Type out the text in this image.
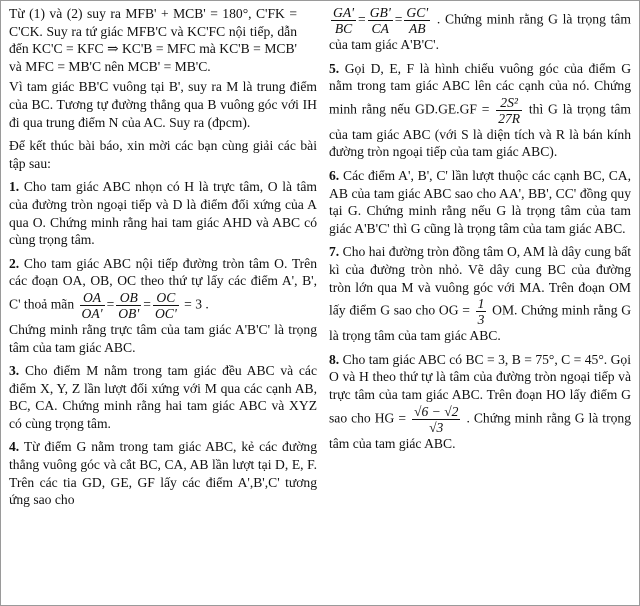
Từ (1) và (2) suy ra MFB' + MCB' = 180°, C'FK = C'CK. Suy ra tứ giác MFB'C và KC'FC nội tiếp, dẫn đến KC'C = KFC ⇒ KC'B = MFC mà KC'B = MCB' và MFC = MB'C nên MCB' = MB'C.

Vì tam giác BB'C vuông tại B', suy ra M là trung điểm của BC. Tương tự đường thẳng qua B vuông góc với IH đi qua trung điểm N của AC. Suy ra (đpcm).

Để kết thúc bài báo, xin mời các bạn cùng giải các bài tập sau:

1. Cho tam giác ABC nhọn có H là trực tâm, O là tâm của đường tròn ngoại tiếp và D là điểm đối xứng của A qua O. Chứng minh rằng hai tam giác AHD và ABC có cùng trọng tâm.

2. Cho tam giác ABC nội tiếp đường tròn tâm O. Trên các đoạn OA, OB, OC theo thứ tự lấy các điểm A', B', C' thoả mãn $\frac{OA}{OA'} = \frac{OB}{OB'} = \frac{OC}{OC'} = 3$ .

Chứng minh rằng trực tâm của tam giác A'B'C' là trọng tâm của tam giác ABC.

3. Cho điểm M nằm trong tam giác đều ABC và các điểm X, Y, Z lần lượt đối xứng với M qua các cạnh AB, BC, CA. Chứng minh rằng hai tam giác ABC và XYZ có cùng trọng tâm.

4. Từ điểm G nằm trong tam giác ABC, kẻ các đường thẳng vuông góc và cắt BC, CA, AB lần lượt tại D, E, F. Trên các tia GD, GE, GF lấy các điểm A',B',C' tương ứng sao cho

$\frac{GA'}{BC} = \frac{GB'}{CA} = \frac{GC'}{AB}$ . Chứng minh rằng G là trọng tâm của tam giác A'B'C'.

5. Gọi D, E, F là hình chiếu vuông góc của điểm G nằm trong tam giác ABC lên các cạnh của nó. Chứng minh rằng nếu $GD.GE.GF = \frac{\text{2S²}}{27R}$ thì G là trọng tâm của tam giác ABC (với S là diện tích và R là bán kính đường tròn ngoại tiếp của tam giác ABC).

6. Các điểm A', B', C' lần lượt thuộc các cạnh BC, CA, AB của tam giác ABC sao cho AA', BB', CC' đồng quy tại G. Chứng minh rằng nếu G là trọng tâm của tam giác A'B'C' thì G cũng là trọng tâm của tam giác ABC.

7. Cho hai đường tròn đồng tâm O, AM là dây cung bất kì của đường tròn nhỏ. Vẽ dây cung BC của đường tròn lớn qua M và vuông góc với MA. Trên đoạn OM lấy điểm G sao cho OG = $\frac{1}{3}$ OM. Chứng minh rằng G là trọng tâm của tam giác ABC.

8. Cho tam giác ABC có BC = 3, B = 75°, C = 45°. Gọi O và H theo thứ tự là tâm của đường tròn ngoại tiếp và trực tâm của tam giác ABC. Trên đoạn HO lấy điểm G sao cho HG = $\frac{√6 - √2}{√3}$ . Chứng minh rằng G là trọng tâm của tam giác ABC.
